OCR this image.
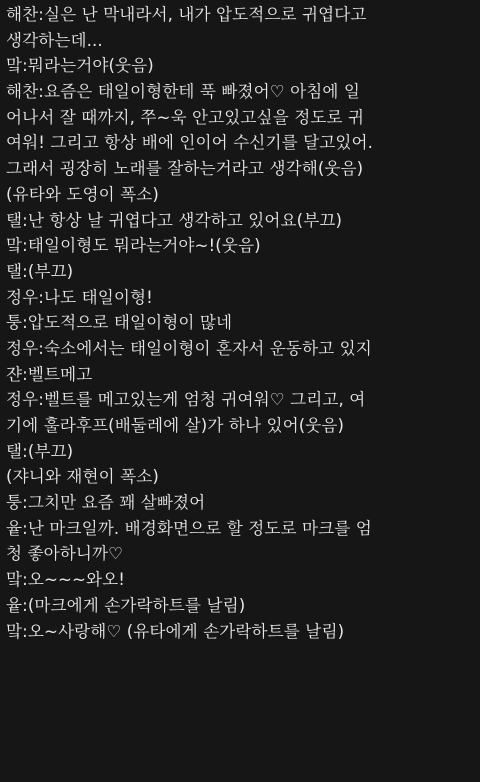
해찬:실은 난 막내라서, 내가 압도적으로 귀엽다고
생각하는데...
맠:뭐라는거야(웃음)
해찬:요즘은 태일이형한테 푹 빠졌어♡ 아침에 일
어나서 잘 때까지, 쭈~욱 안고있고싶을 정도로 귀
여워! 그리고 항상 배에 인이어 수신기를 달고있어.
그래서 굉장히 노래를 잘하는거라고 생각해(웃음)
(유타와 도영이 폭소)
탤:난 항상 날 귀엽다고 생각하고 있어요(부끄)
맠:태일이형도 뭐라는거야~!(웃음)
탤:(부끄)
정우:나도 태일이형!
퉁:압도적으로 태일이형이 많네
정우:숙소에서는 태일이형이 혼자서 운동하고 있지
쟌:벨트메고
정우:벨트를 메고있는게 엄청 귀여워♡ 그리고, 여
기에 훌라후프(배둘레에 살)가 하나 있어(웃음)
탤:(부끄)
(쟈니와 재현이 폭소)
퉁:그치만 요즘 꽤 살빠졌어
윹:난 마크일까. 배경화면으로 할 정도로 마크를 엄
청 좋아하니까♡
맠:오~~~와오!
윹:(마크에게 손가락하트를 날림)
맠:오~사랑해♡ (유타에게 손가락하트를 날림)
